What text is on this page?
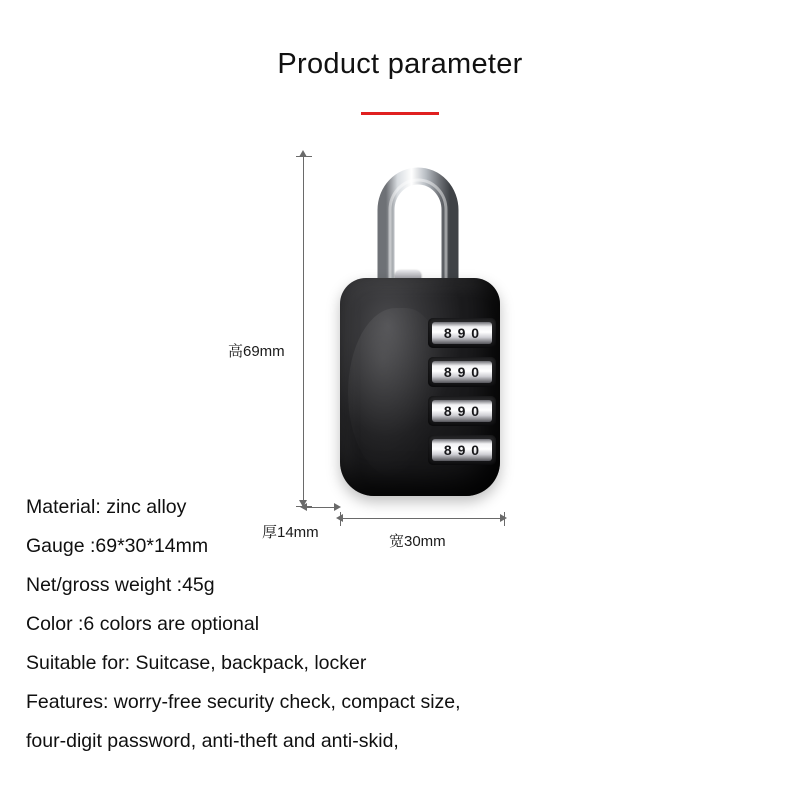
Product parameter
8 9 0
8 9 0
8 9 0
8 9 0
高69mm
厚14mm
宽30mm
Material: zinc alloy
Gauge :69*30*14mm
Net/gross weight :45g
Color :6 colors are optional
Suitable for: Suitcase, backpack, locker
Features: worry-free security check, compact size,
four-digit password, anti-theft and anti-skid,
